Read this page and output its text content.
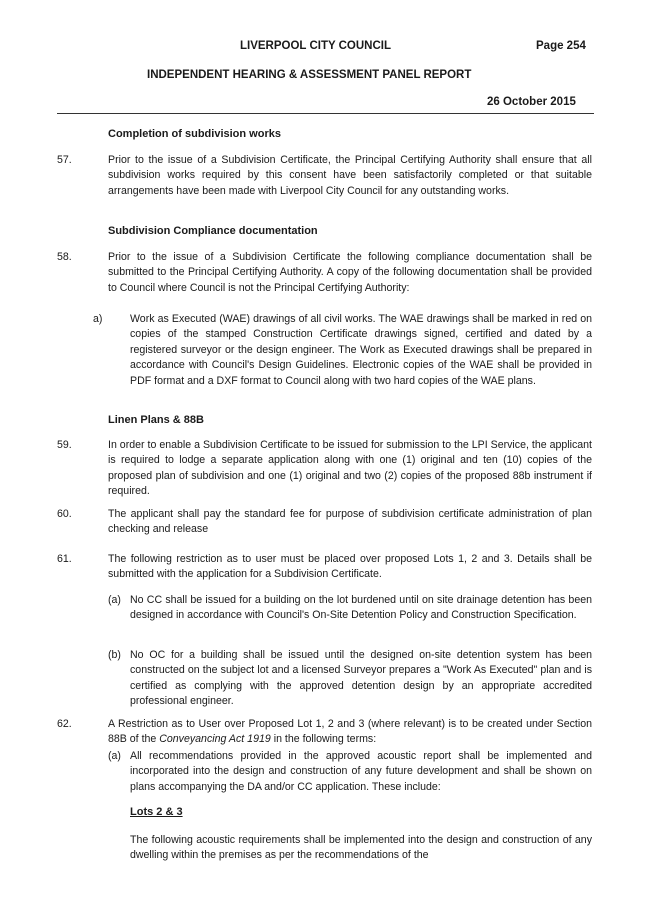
LIVERPOOL CITY COUNCIL	Page 254
INDEPENDENT HEARING & ASSESSMENT PANEL REPORT
26 October 2015
Completion of subdivision works
57.	Prior to the issue of a Subdivision Certificate, the Principal Certifying Authority shall ensure that all subdivision works required by this consent have been satisfactorily completed or that suitable arrangements have been made with Liverpool City Council for any outstanding works.
Subdivision Compliance documentation
58.	Prior to the issue of a Subdivision Certificate the following compliance documentation shall be submitted to the Principal Certifying Authority. A copy of the following documentation shall be provided to Council where Council is not the Principal Certifying Authority:
a)	Work as Executed (WAE) drawings of all civil works. The WAE drawings shall be marked in red on copies of the stamped Construction Certificate drawings signed, certified and dated by a registered surveyor or the design engineer. The Work as Executed drawings shall be prepared in accordance with Council's Design Guidelines. Electronic copies of the WAE shall be provided in PDF format and a DXF format to Council along with two hard copies of the WAE plans.
Linen Plans & 88B
59.	In order to enable a Subdivision Certificate to be issued for submission to the LPI Service, the applicant is required to lodge a separate application along with one (1) original and ten (10) copies of the proposed plan of subdivision and one (1) original and two (2) copies of the proposed 88b instrument if required.
60.	The applicant shall pay the standard fee for purpose of subdivision certificate administration of plan checking and release
61.	The following restriction as to user must be placed over proposed Lots 1, 2 and 3. Details shall be submitted with the application for a Subdivision Certificate.
(a) No CC shall be issued for a building on the lot burdened until on site drainage detention has been designed in accordance with Council's On-Site Detention Policy and Construction Specification.
(b) No OC for a building shall be issued until the designed on-site detention system has been constructed on the subject lot and a licensed Surveyor prepares a "Work As Executed" plan and is certified as complying with the approved detention design by an appropriate accredited professional engineer.
62.	A Restriction as to User over Proposed Lot 1, 2 and 3 (where relevant) is to be created under Section 88B of the Conveyancing Act 1919 in the following terms:
(a) All recommendations provided in the approved acoustic report shall be implemented and incorporated into the design and construction of any future development and shall be shown on plans accompanying the DA and/or CC application. These include:
Lots 2 & 3
The following acoustic requirements shall be implemented into the design and construction of any dwelling within the premises as per the recommendations of the
